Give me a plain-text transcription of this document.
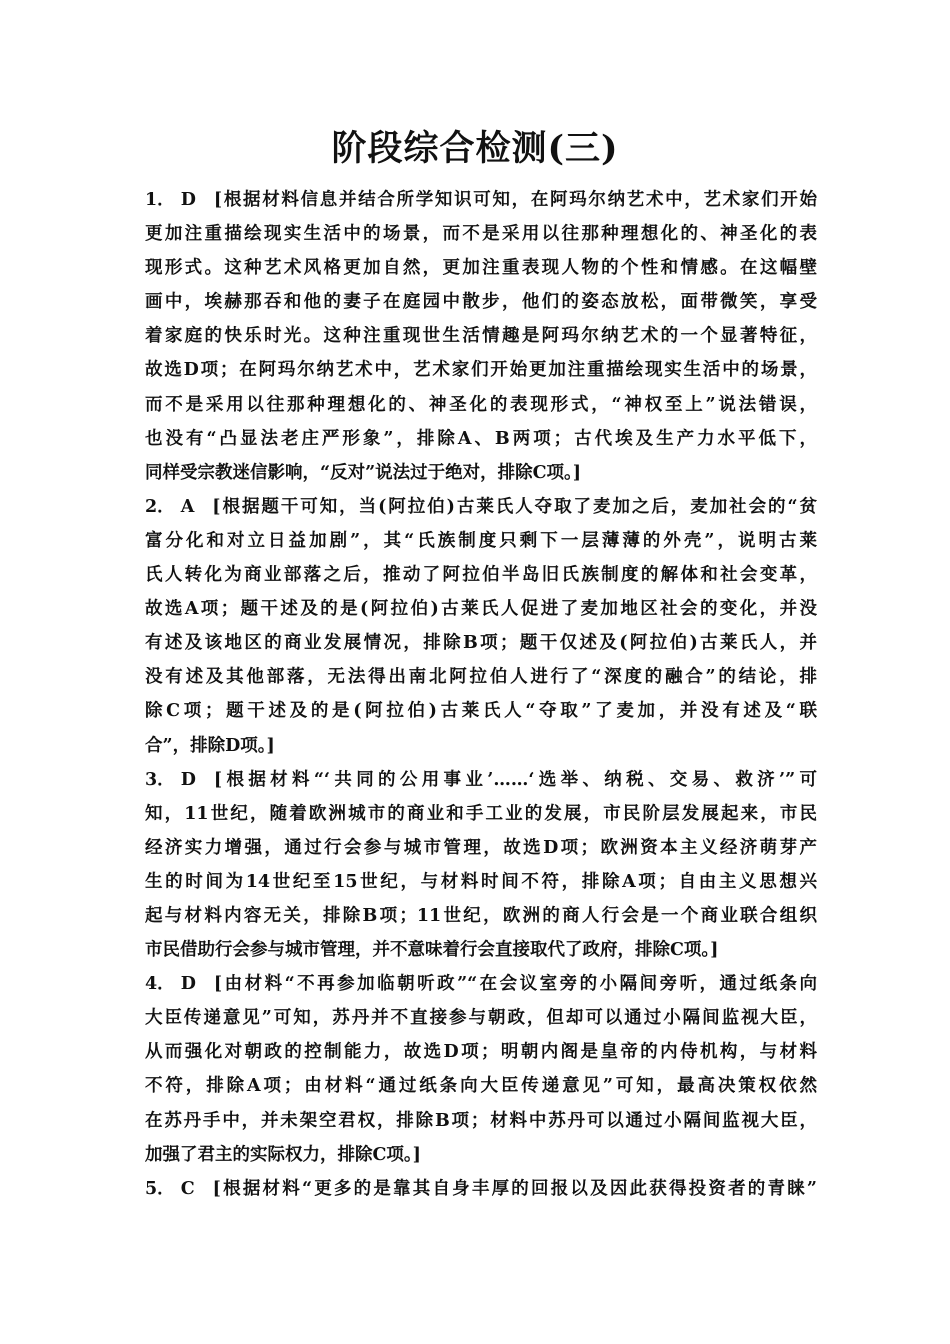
阶段综合检测(三)
1． D [根据材料信息并结合所学知识可知，在阿玛尔纳艺术中，艺术家们开始
更加注重描绘现实生活中的场景，而不是采用以往那种理想化的、神圣化的表
现形式。这种艺术风格更加自然，更加注重表现人物的个性和情感。在这幅壁
画中，埃赫那吞和他的妻子在庭园中散步，他们的姿态放松，面带微笑，享受
着家庭的快乐时光。这种注重现世生活情趣是阿玛尔纳艺术的一个显著特征，
故选D项；在阿玛尔纳艺术中，艺术家们开始更加注重描绘现实生活中的场景，
而不是采用以往那种理想化的、神圣化的表现形式，“神权至上”说法错误，
也没有“凸显法老庄严形象”，排除A、B两项；古代埃及生产力水平低下，
同样受宗教迷信影响，“反对”说法过于绝对，排除C项。]
2． A [根据题干可知，当(阿拉伯)古莱氏人夺取了麦加之后，麦加社会的“贫
富分化和对立日益加剧”，其“氏族制度只剩下一层薄薄的外壳”，说明古莱
氏人转化为商业部落之后，推动了阿拉伯半岛旧氏族制度的解体和社会变革，
故选A项；题干述及的是(阿拉伯)古莱氏人促进了麦加地区社会的变化，并没
有述及该地区的商业发展情况，排除B项；题干仅述及(阿拉伯)古莱氏人，并
没有述及其他部落，无法得出南北阿拉伯人进行了“深度的融合”的结论，排
除C项；题干述及的是(阿拉伯)古莱氏人“夺取”了麦加，并没有述及“联
合”，排除D项。]
3． D [根据材料“‘共同的公用事业’……‘选举、纳税、交易、救济’”可
知，11世纪，随着欧洲城市的商业和手工业的发展，市民阶层发展起来，市民
经济实力增强，通过行会参与城市管理，故选D项；欧洲资本主义经济萌芽产
生的时间为14世纪至15世纪，与材料时间不符，排除A项；自由主义思想兴
起与材料内容无关，排除B项；11世纪，欧洲的商人行会是一个商业联合组织
市民借助行会参与城市管理，并不意味着行会直接取代了政府，排除C项。]
4． D [由材料“不再参加临朝听政”“在会议室旁的小隔间旁听，通过纸条向
大臣传递意见”可知，苏丹并不直接参与朝政，但却可以通过小隔间监视大臣，
从而强化对朝政的控制能力，故选D项；明朝内阁是皇帝的内侍机构，与材料
不符，排除A项；由材料“通过纸条向大臣传递意见”可知，最高决策权依然
在苏丹手中，并未架空君权，排除B项；材料中苏丹可以通过小隔间监视大臣，
加强了君主的实际权力，排除C项。]
5． C [根据材料“更多的是靠其自身丰厚的回报以及因此获得投资者的青睐”
